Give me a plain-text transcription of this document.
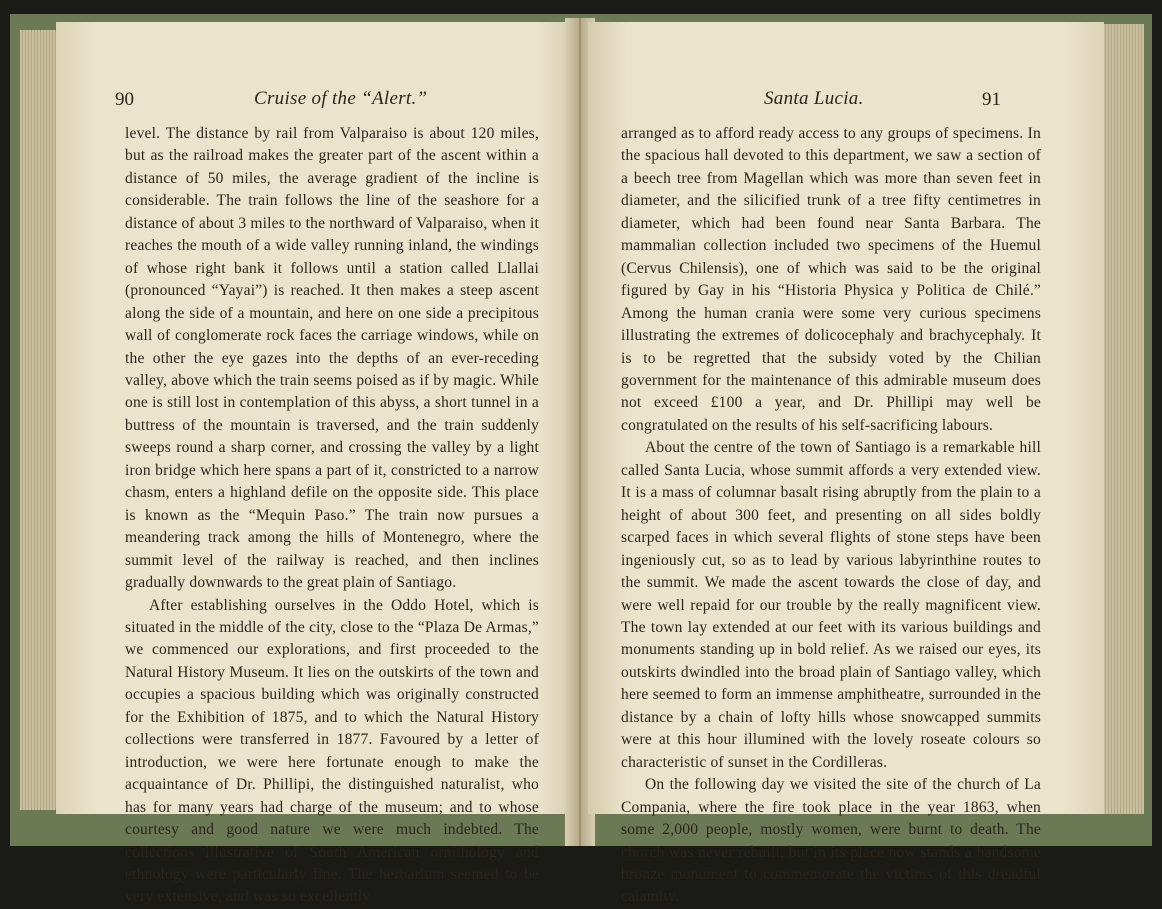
90	Cruise of the “Alert.”

level. The distance by rail from Valparaiso is about 120 miles, but as the railroad makes the greater part of the ascent within a distance of 50 miles, the average gradient of the incline is considerable. The train follows the line of the seashore for a distance of about 3 miles to the northward of Valparaiso, when it reaches the mouth of a wide valley running inland, the windings of whose right bank it follows until a station called Llallai (pronounced “Yayai”) is reached. It then makes a steep ascent along the side of a mountain, and here on one side a precipitous wall of conglomerate rock faces the carriage windows, while on the other the eye gazes into the depths of an ever-receding valley, above which the train seems poised as if by magic. While one is still lost in contemplation of this abyss, a short tunnel in a buttress of the mountain is traversed, and the train suddenly sweeps round a sharp corner, and crossing the valley by a light iron bridge which here spans a part of it, constricted to a narrow chasm, enters a highland defile on the opposite side. This place is known as the “Mequin Paso.” The train now pursues a meandering track among the hills of Montenegro, where the summit level of the railway is reached, and then inclines gradually downwards to the great plain of Santiago.

After establishing ourselves in the Oddo Hotel, which is situated in the middle of the city, close to the “Plaza De Armas,” we commenced our explorations, and first proceeded to the Natural History Museum. It lies on the outskirts of the town and occupies a spacious building which was originally constructed for the Exhibition of 1875, and to which the Natural History collections were transferred in 1877. Favoured by a letter of introduction, we were here fortunate enough to make the acquaintance of Dr. Phillipi, the distinguished naturalist, who has for many years had charge of the museum; and to whose courtesy and good nature we were much indebted. The collections illustrative of South American ornithology and ethnology were particularly fine. The herbarium seemed to be very extensive, and was so excellently

Santa Lucia.	91

arranged as to afford ready access to any groups of specimens. In the spacious hall devoted to this department, we saw a section of a beech tree from Magellan which was more than seven feet in diameter, and the silicified trunk of a tree fifty centimetres in diameter, which had been found near Santa Barbara. The mammalian collection included two specimens of the Huemul (Cervus Chilensis), one of which was said to be the original figured by Gay in his “Historia Physica y Politica de Chilé.” Among the human crania were some very curious specimens illustrating the extremes of dolicocephaly and brachycephaly. It is to be regretted that the subsidy voted by the Chilian government for the maintenance of this admirable museum does not exceed £100 a year, and Dr. Phillipi may well be congratulated on the results of his self-sacrificing labours.

About the centre of the town of Santiago is a remarkable hill called Santa Lucia, whose summit affords a very extended view. It is a mass of columnar basalt rising abruptly from the plain to a height of about 300 feet, and presenting on all sides boldly scarped faces in which several flights of stone steps have been ingeniously cut, so as to lead by various labyrinthine routes to the summit. We made the ascent towards the close of day, and were well repaid for our trouble by the really magnificent view. The town lay extended at our feet with its various buildings and monuments standing up in bold relief. As we raised our eyes, its outskirts dwindled into the broad plain of Santiago valley, which here seemed to form an immense amphitheatre, surrounded in the distance by a chain of lofty hills whose snowcapped summits were at this hour illumined with the lovely roseate colours so characteristic of sunset in the Cordilleras.

On the following day we visited the site of the church of La Compania, where the fire took place in the year 1863, when some 2,000 people, mostly women, were burnt to death. The church was never rebuilt, but in its place now stands a handsome bronze monument to commemorate the victims of this dreadful calamity.
